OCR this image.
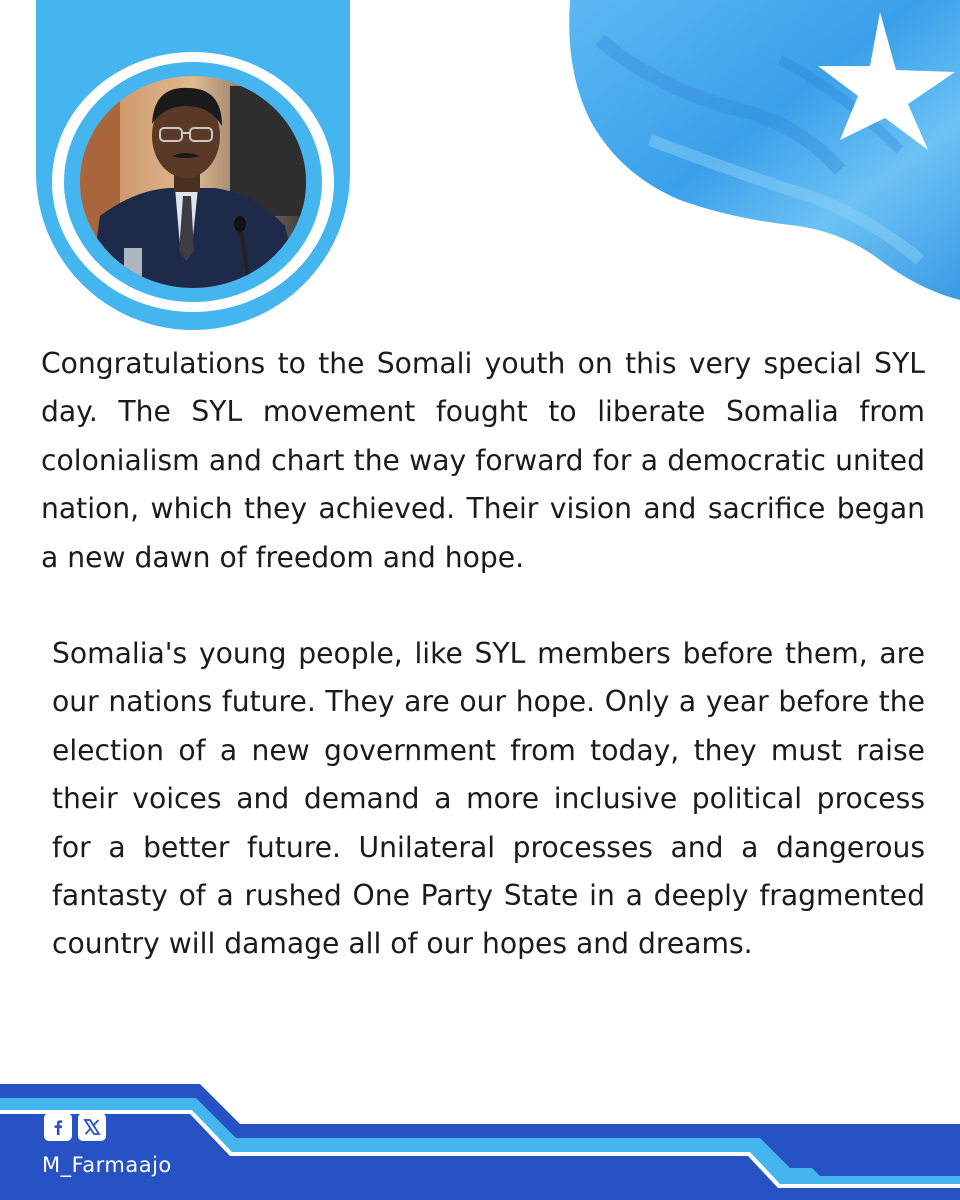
Congratulations to the Somali youth on this very special SYL day. The SYL movement fought to liberate Somalia from colonialism and chart the way forward for a democratic united nation, which they achieved. Their vision and sacrifice began a new dawn of freedom and hope.

Somalia's young people, like SYL members before them, are our nations future. They are our hope. Only a year before the election of a new government from today, they must raise their voices and demand a more inclusive political process for a better future. Unilateral processes and a dangerous fantasty of a rushed One Party State in a deeply fragmented country will damage all of our hopes and dreams.

M_Farmaajo
